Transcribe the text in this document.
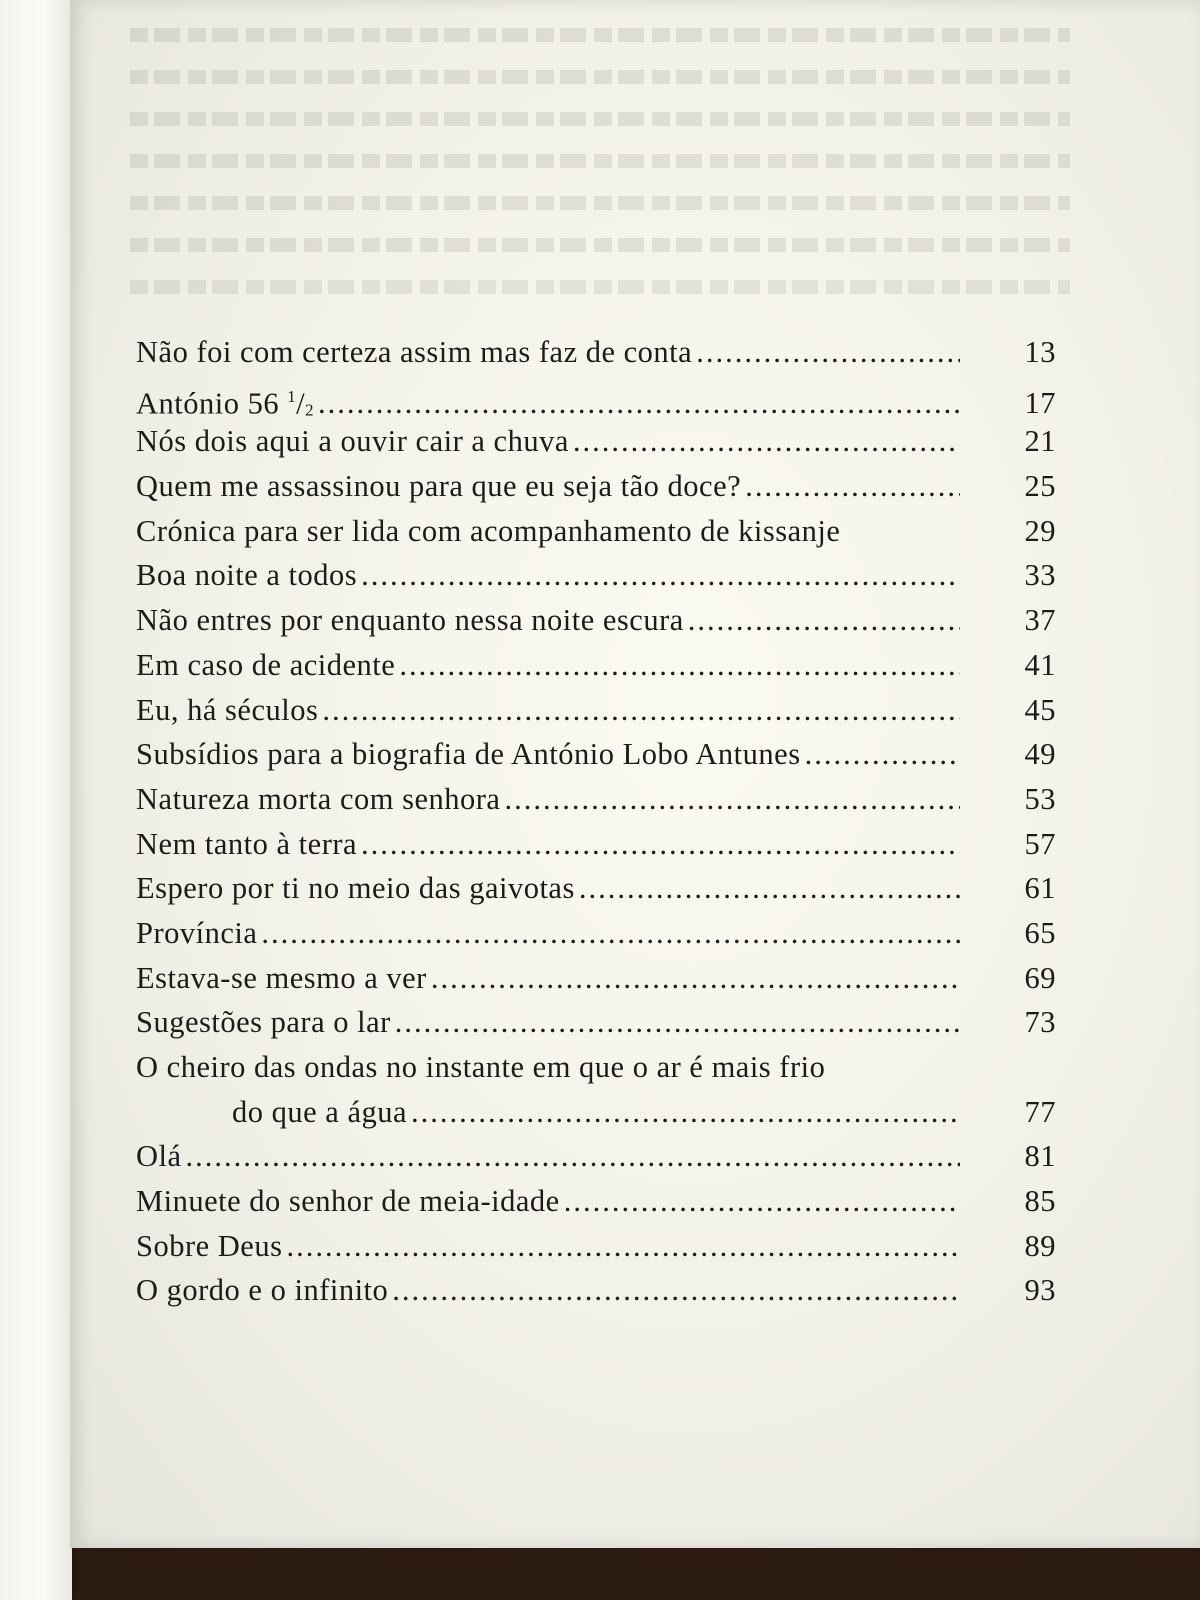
Não foi com certeza assim mas faz de conta .....	13
António 56 $^1/_2$ .....	17
Nós dois aqui a ouvir cair a chuva .....	21
Quem me assassinou para que eu seja tão doce? .....	25
Crónica para ser lida com acompanhamento de kissanje	29
Boa noite a todos .....	33
Não entres por enquanto nessa noite escura .....	37
Em caso de acidente .....	41
Eu, há séculos .....	45
Subsídios para a biografia de António Lobo Antunes .....	49
Natureza morta com senhora .....	53
Nem tanto à terra .....	57
Espero por ti no meio das gaivotas .....	61
Província .....	65
Estava-se mesmo a ver .....	69
Sugestões para o lar .....	73
O cheiro das ondas no instante em que o ar é mais frio
do que a água .....	77
Olá .....	81
Minuete do senhor de meia-idade .....	85
Sobre Deus .....	89
O gordo e o infinito .....	93
